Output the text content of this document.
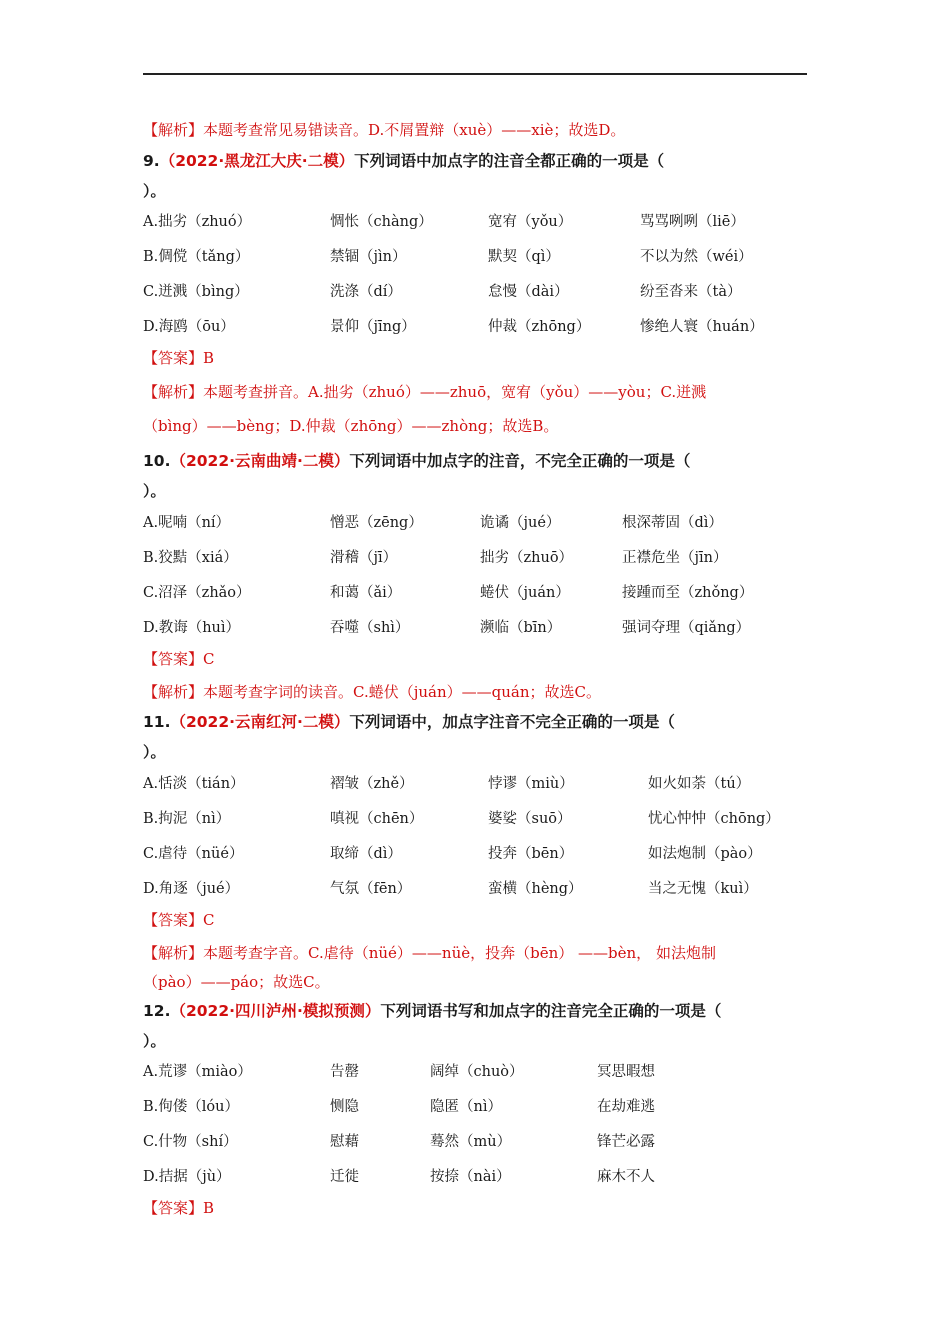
【解析】本题考查常见易错读音。D.不屑置辩（xuè）——xiè；故选D。
9.（2022·黑龙江大庆·二模）下列词语中加点字的注音全都正确的一项是（
）。
A.拙劣（zhuó）	惆怅（chàng）	宽宥（yǒu）	骂骂咧咧（liē）
B.倜傥（tǎng）	禁锢（jìn）	默契（qì）	不以为然（wéi）
C.迸溅（bìng）	洗涤（dí）	怠慢（dài）	纷至沓来（tà）
D.海鸥（ōu）	景仰（jīng）	仲裁（zhōng）	惨绝人寰（huán）
【答案】B
【解析】本题考查拼音。A.拙劣（zhuó）——zhuō，宽宥（yǒu）——yòu；C.迸溅
（bìng）——bèng；D.仲裁（zhōng）——zhòng；故选B。
10.（2022·云南曲靖·二模）下列词语中加点字的注音，不完全正确的一项是（
）。
A.呢喃（ní）	憎恶（zēng）	诡谲（jué）	根深蒂固（dì）
B.狡黠（xiá）	滑稽（jī）	拙劣（zhuō）	正襟危坐（jīn）
C.沼泽（zhǎo）	和蔼（ǎi）	蜷伏（juán）	接踵而至（zhǒng）
D.教诲（huì）	吞噬（shì）	濒临（bīn）	强词夺理（qiǎng）
【答案】C
【解析】本题考查字词的读音。C.蜷伏（juán）——quán；故选C。
11.（2022·云南红河·二模）下列词语中，加点字注音不完全正确的一项是（
）。
A.恬淡（tián）	褶皱（zhě）	悖谬（miù）	如火如荼（tú）
B.拘泥（nì）	嗔视（chēn）	婆娑（suō）	忧心忡忡（chōng）
C.虐待（nüé）	取缔（dì）	投奔（bēn）	如法炮制（pào）
D.角逐（jué）	气氛（fēn）	蛮横（hèng）	当之无愧（kuì）
【答案】C
【解析】本题考查字音。C.虐待（nüé）——nüè，投奔（bēn） ——bèn， 如法炮制
（pào）——páo；故选C。
12.（2022·四川泸州·模拟预测）下列词语书写和加点字的注音完全正确的一项是（
）。
A.荒谬（miào）	告罄	阔绰（chuò）	冥思暇想
B.佝偻（lóu）	恻隐	隐匿（nì）	在劫难逃
C.什物（shí）	慰藉	蓦然（mù）	锋芒必露
D.拮据（jù）	迁徙	按捺（nài）	麻木不人
【答案】B
